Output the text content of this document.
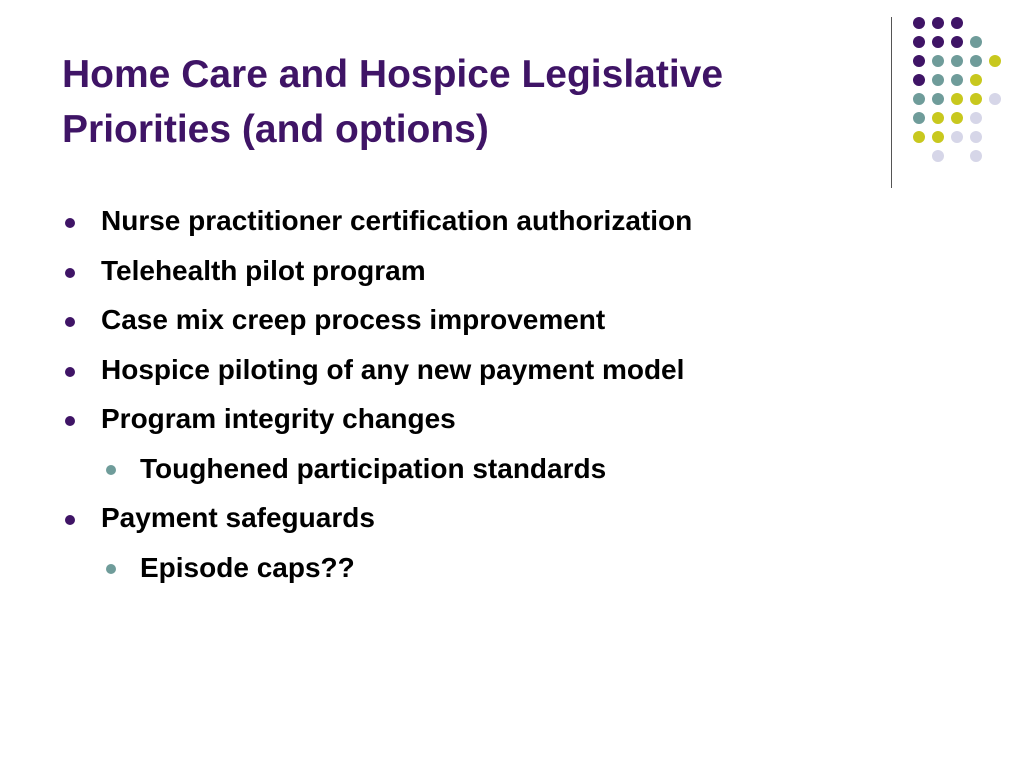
Home Care and Hospice Legislative
Priorities (and options)
Nurse practitioner certification authorization
Telehealth pilot program
Case mix creep process improvement
Hospice piloting of any new payment model
Program integrity changes
Toughened participation standards
Payment safeguards
Episode caps??
